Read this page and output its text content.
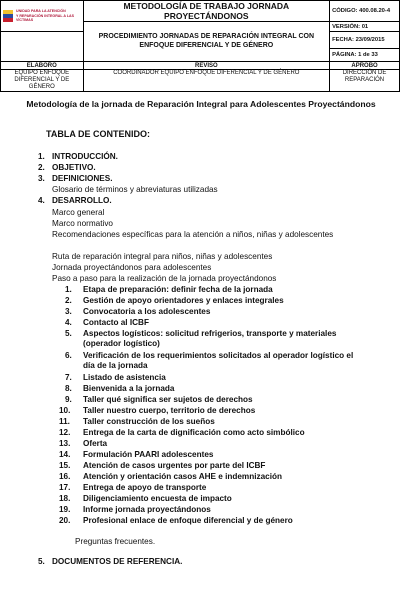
UNIDAD PARA LA ATENCIÓN
Y REPARACIÓN INTEGRAL A LAS VÍCTIMAS	METODOLOGÍA DE TRABAJO JORNADA PROYECTÁNDONOS	CÓDIGO: 400.08.20-4
	PROCEDIMIENTO JORNADAS DE REPARACIÓN INTEGRAL CON ENFOQUE DIFERENCIAL Y DE GÉNERO	VERSIÓN: 01
		FECHA: 23/09/2015
		PÁGINA: 1 de 33
ELABORÓ	REVISÓ	APROBÓ
EQUIPO ENFOQUE DIFERENCIAL Y DE GÉNERO	COORDINADOR EQUIPO ENFOQUE DIFERENCIAL Y DE GÉNERO	DIRECCIÓN DE REPARACIÓN
Metodología de la jornada de Reparación Integral para Adolescentes Proyectándonos
TABLA DE CONTENIDO:
1. INTRODUCCIÓN.
2. OBJETIVO.
3. DEFINICIONES.
Glosario de términos y abreviaturas utilizadas
4. DESARROLLO.
Marco general
Marco normativo
Recomendaciones específicas para la atención a niños, niñas y adolescentes
Ruta de reparación integral para niños, niñas y adolescentes
Jornada proyectándonos para adolescentes
Paso a paso para la realización de la jornada proyectándonos
1. Etapa de preparación: definir fecha de la jornada
2. Gestión de apoyo orientadores y enlaces integrales
3. Convocatoria a los adolescentes
4. Contacto al ICBF
5. Aspectos logísticos: solicitud refrigerios, transporte y materiales (operador logístico)
6. Verificación de los requerimientos solicitados al operador logístico el día de la jornada
7. Listado de asistencia
8. Bienvenida a la jornada
9. Taller qué significa ser sujetos de derechos
10. Taller nuestro cuerpo, territorio de derechos
11. Taller construcción de los sueños
12. Entrega de la carta de dignificación como acto simbólico
13. Oferta
14. Formulación PAARI adolescentes
15. Atención de casos urgentes por parte del ICBF
16. Atención y orientación casos AHE e indemnización
17. Entrega de apoyo de transporte
18. Diligenciamiento encuesta de impacto
19. Informe jornada proyectándonos
20. Profesional enlace de enfoque diferencial y de género
Preguntas frecuentes.
5. DOCUMENTOS DE REFERENCIA.
